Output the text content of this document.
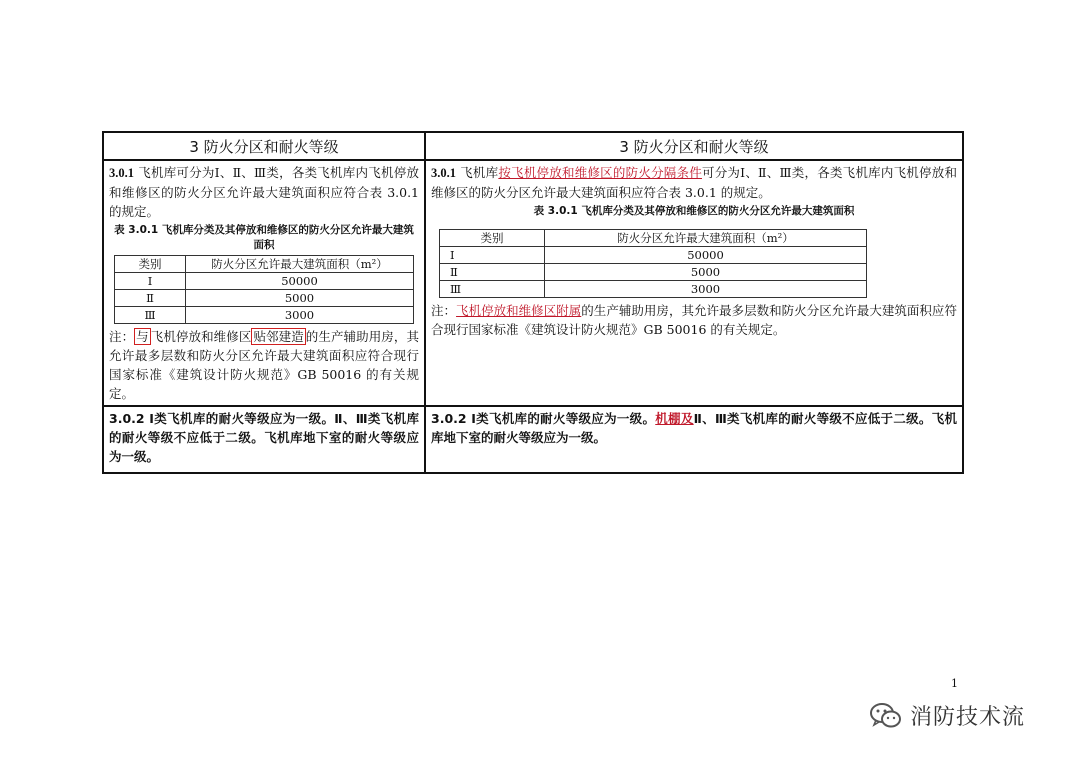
3 防火分区和耐火等级	3 防火分区和耐火等级

3.0.1 飞机库可分为Ⅰ、Ⅱ、Ⅲ类，各类飞机库内飞机停放和维修区的防火分区允许最大建筑面积应符合表 3.0.1 的规定。

表 3.0.1 飞机库分类及其停放和维修区的防火分区允许最大建筑面积
类别	防火分区允许最大建筑面积（m²）
Ⅰ	50000
Ⅱ	5000
Ⅲ	3000

注： 与 飞机停放和维修区 贴邻建造 的生产辅助用房，其允许最多层数和防火分区允许最大建筑面积应符合现行国家标准《建筑设计防火规范》GB 50016 的有关规定。

3.0.1 飞机库按飞机停放和维修区的防火分隔条件可分为Ⅰ、Ⅱ、Ⅲ类，各类飞机库内飞机停放和维修区的防火分区允许最大建筑面积应符合表 3.0.1 的规定。

表 3.0.1 飞机库分类及其停放和维修区的防火分区允许最大建筑面积
类别	防火分区允许最大建筑面积（m²）
Ⅰ	50000
Ⅱ	5000
Ⅲ	3000

注：飞机停放和维修区附属的生产辅助用房，其允许最多层数和防火分区允许最大建筑面积应符合现行国家标准《建筑设计防火规范》GB 50016 的有关规定。

3.0.2 Ⅰ类飞机库的耐火等级应为一级。Ⅱ、Ⅲ类飞机库的耐火等级不应低于二级。飞机库地下室的耐火等级应为一级。

3.0.2 Ⅰ类飞机库的耐火等级应为一级。机棚及Ⅱ、Ⅲ类飞机库的耐火等级不应低于二级。飞机库地下室的耐火等级应为一级。

1
消防技术流
